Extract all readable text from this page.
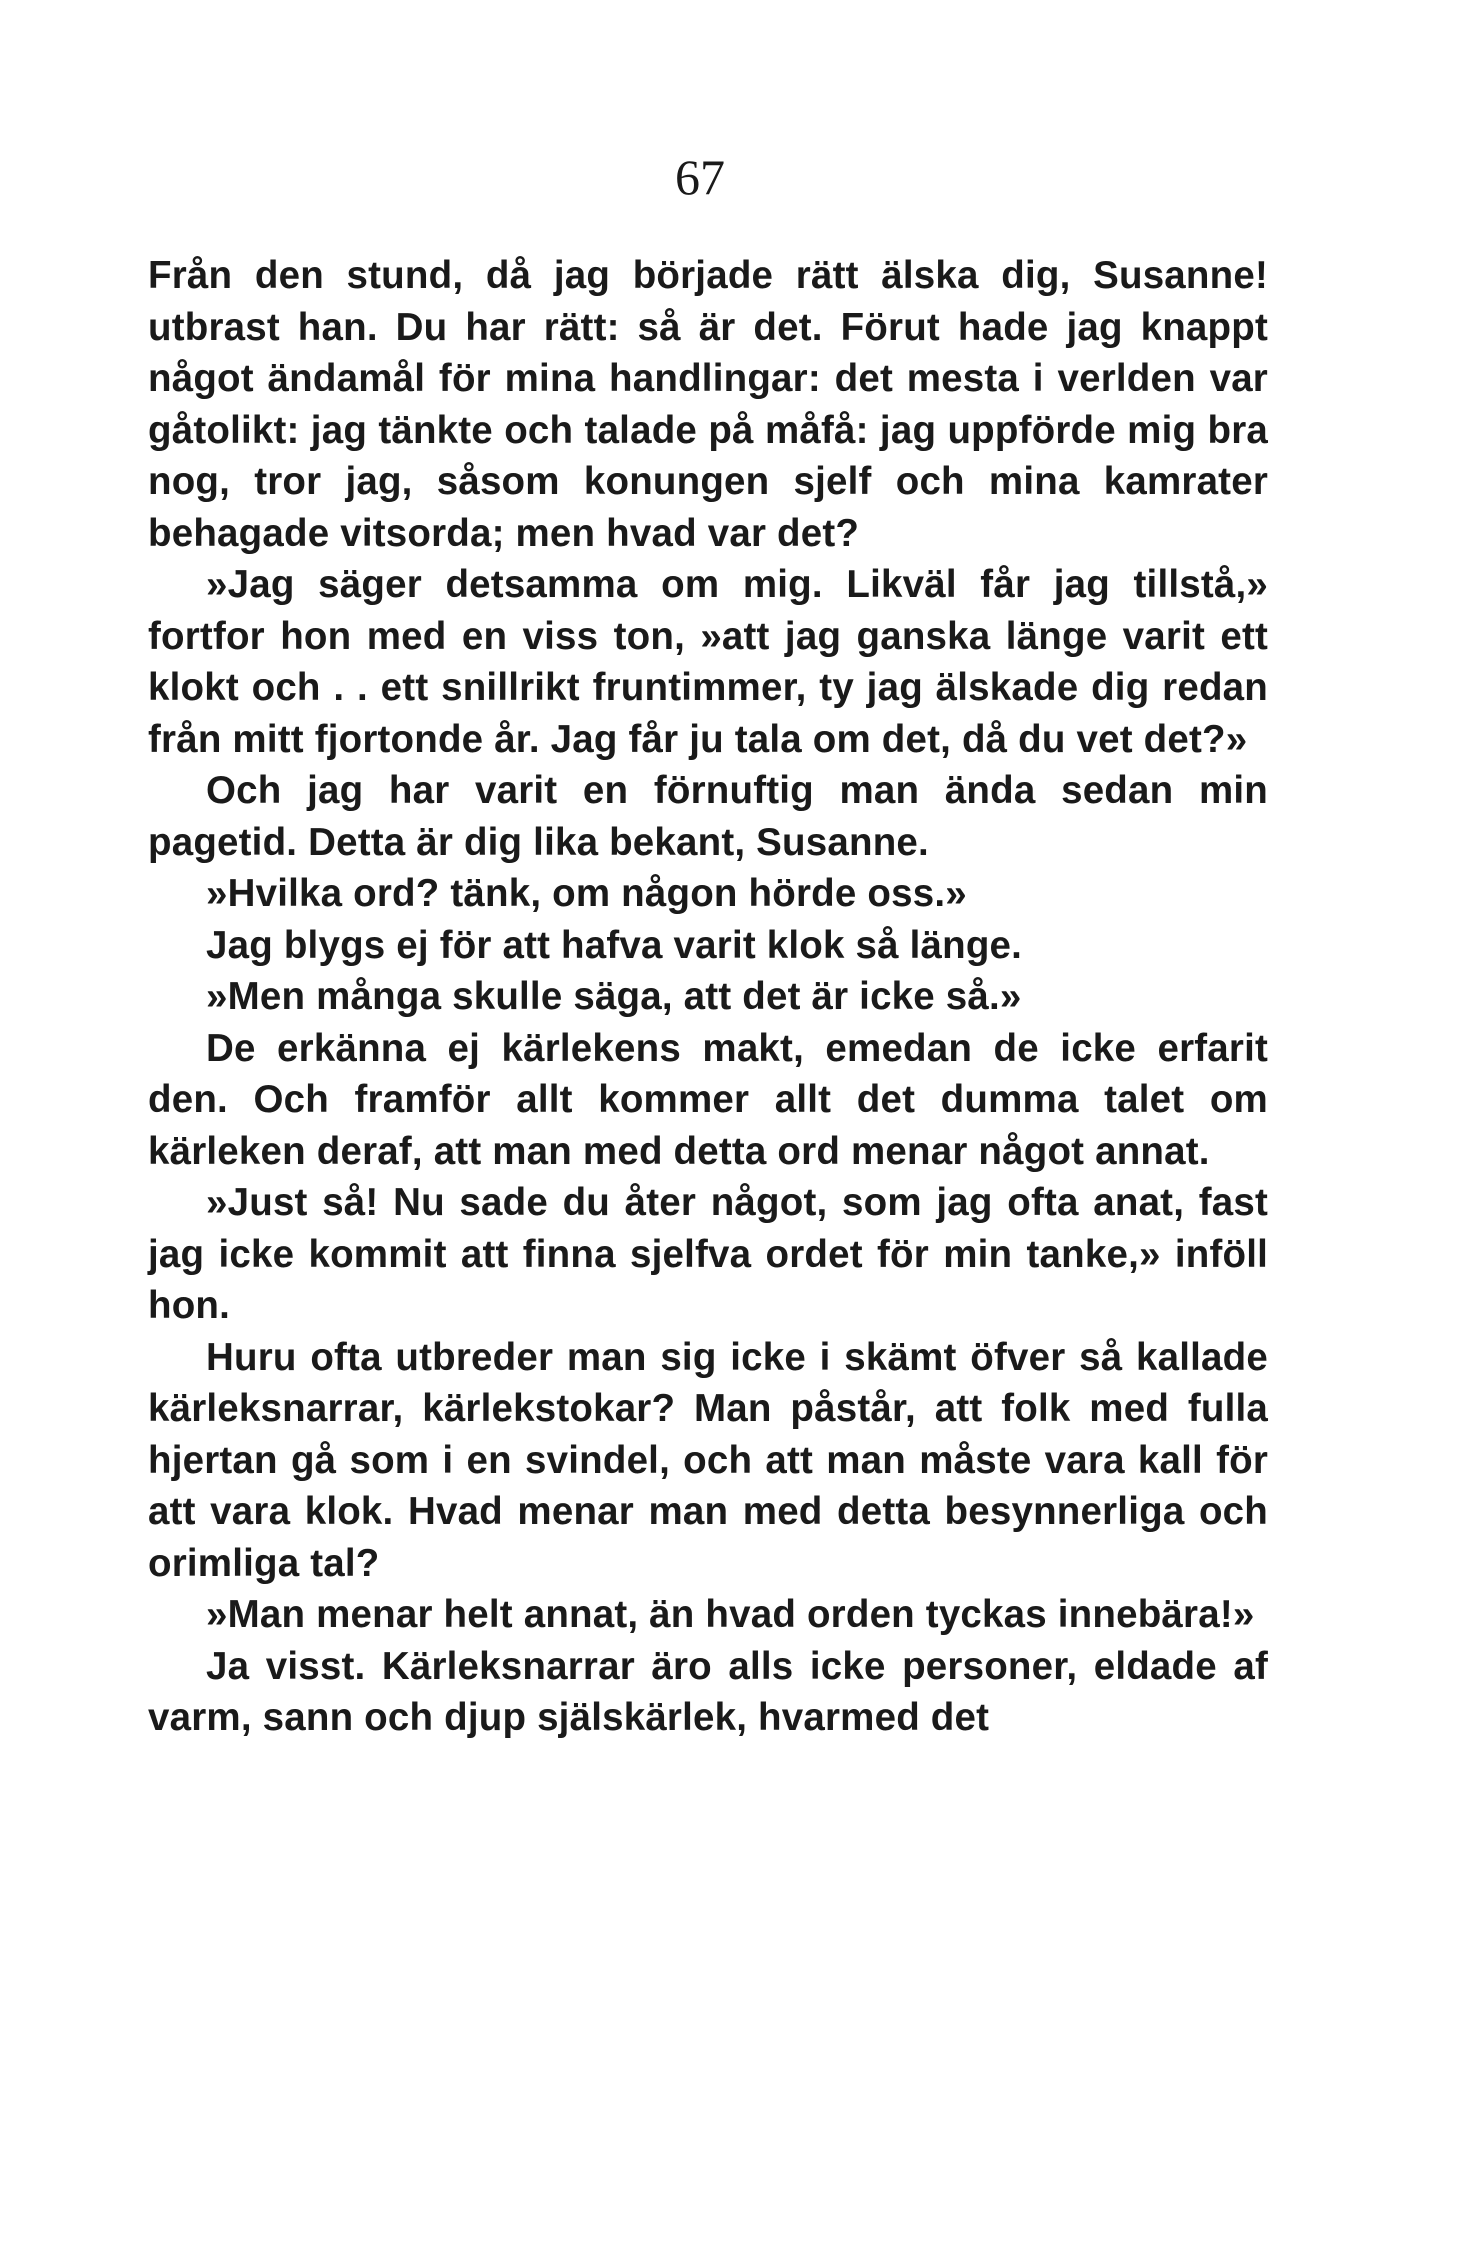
67

Från den stund, då jag började rätt älska dig, Susanne! utbrast han. Du har rätt: så är det. Förut hade jag knappt något ändamål för mina handlingar: det mesta i verlden var gåtolikt: jag tänkte och talade på måfå: jag uppförde mig bra nog, tror jag, såsom konungen sjelf och mina kamrater behagade vitsorda; men hvad var det?

»Jag säger detsamma om mig. Likväl får jag tillstå,» fortfor hon med en viss ton, »att jag ganska länge varit ett klokt och . . ett snillrikt fruntimmer, ty jag älskade dig redan från mitt fjortonde år. Jag får ju tala om det, då du vet det?»

Och jag har varit en förnuftig man ända sedan min pagetid. Detta är dig lika bekant, Susanne.

»Hvilka ord? tänk, om någon hörde oss.»

Jag blygs ej för att hafva varit klok så länge.

»Men många skulle säga, att det är icke så.»

De erkänna ej kärlekens makt, emedan de icke erfarit den. Och framför allt kommer allt det dumma talet om kärleken deraf, att man med detta ord menar något annat.

»Just så! Nu sade du åter något, som jag ofta anat, fast jag icke kommit att finna sjelfva ordet för min tanke,» inföll hon.

Huru ofta utbreder man sig icke i skämt öfver så kallade kärleksnarrar, kärlekstokar? Man påstår, att folk med fulla hjertan gå som i en svindel, och att man måste vara kall för att vara klok. Hvad menar man med detta besynnerliga och orimliga tal?

»Man menar helt annat, än hvad orden tyckas innebära!»

Ja visst. Kärleksnarrar äro alls icke personer, eldade af varm, sann och djup själskärlek, hvarmed det
